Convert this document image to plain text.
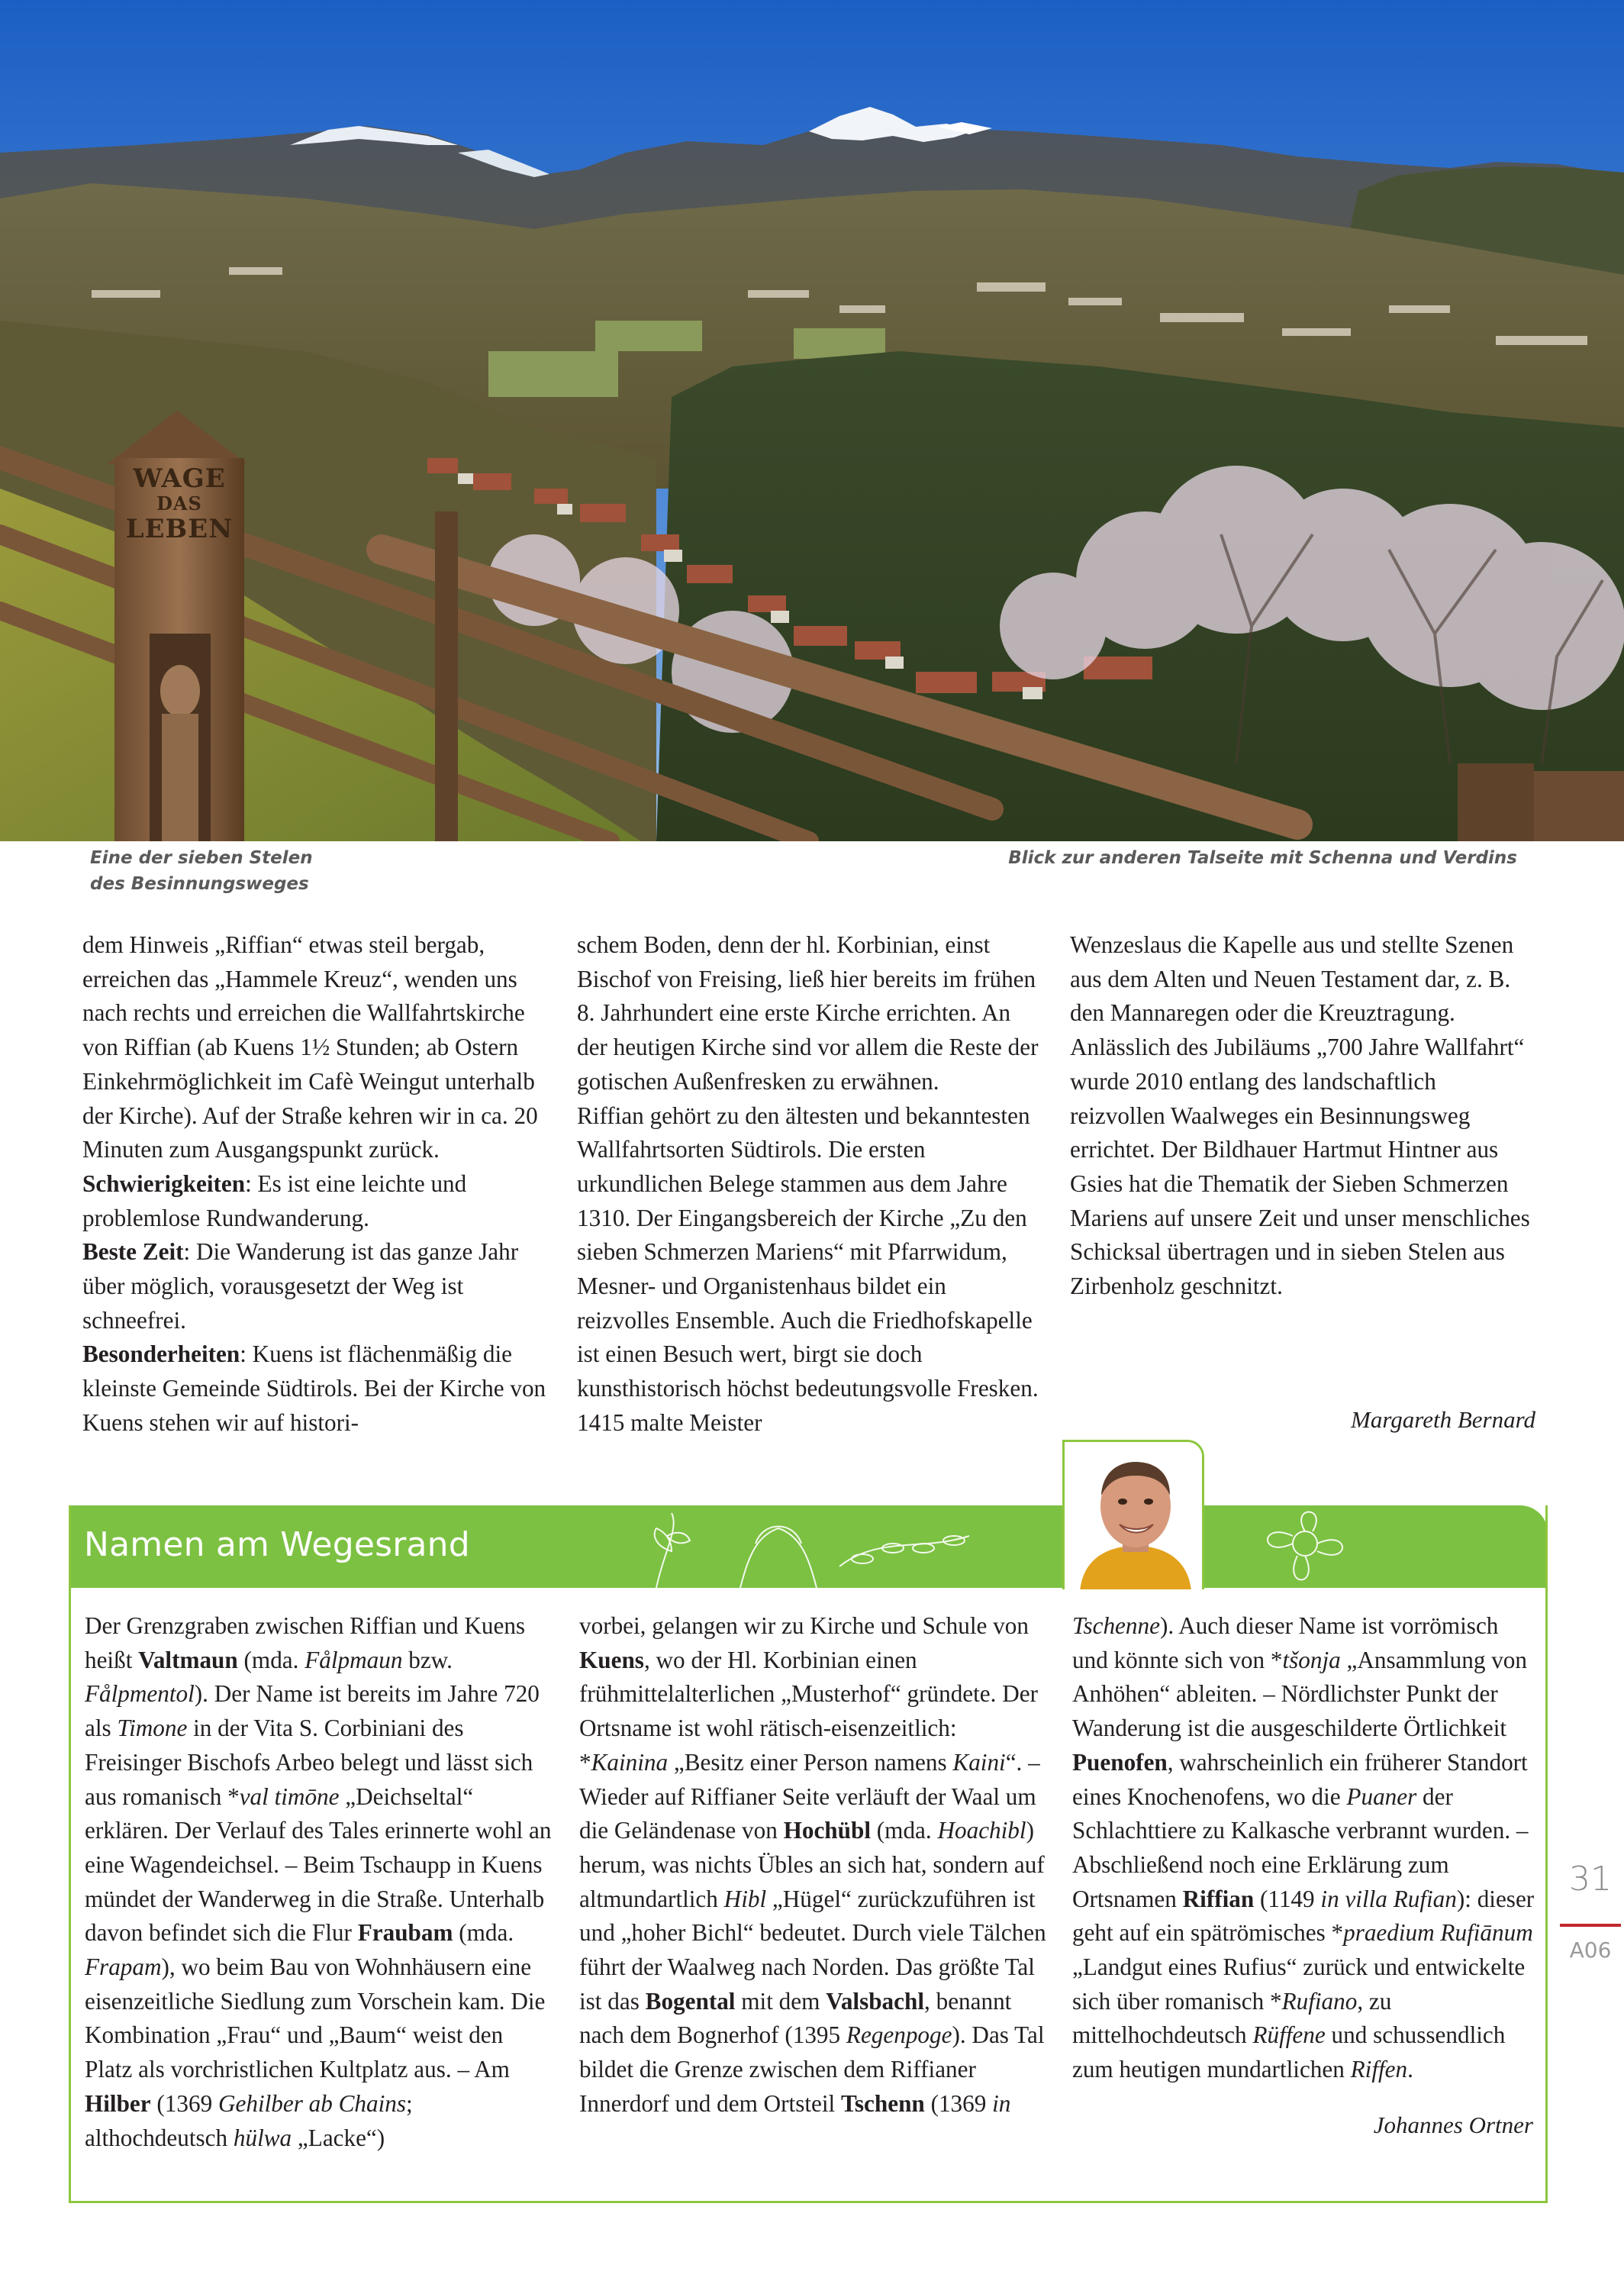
WAGE
DAS
LEBEN
Eine der sieben Stelen
des Besinnungsweges
Blick zur anderen Talseite mit Schenna und Verdins

dem Hinweis „Riffian“ etwas steil bergab, erreichen das „Hammele Kreuz“, wenden uns nach rechts und erreichen die Wallfahrtskirche von Riffian (ab Kuens 1½ Stunden; ab Ostern Einkehrmöglichkeit im Cafè Weingut unterhalb der Kirche). Auf der Straße kehren wir in ca. 20 Minuten zum Ausgangspunkt zurück.

Schwierigkeiten: Es ist eine leichte und problemlose Rundwanderung.

Beste Zeit: Die Wanderung ist das ganze Jahr über möglich, vorausgesetzt der Weg ist schneefrei.

Besonderheiten: Kuens ist flächenmäßig die kleinste Gemeinde Südtirols. Bei der Kirche von Kuens stehen wir auf histori-

schem Boden, denn der hl. Korbinian, einst Bischof von Freising, ließ hier bereits im frühen 8. Jahrhundert eine erste Kirche errichten. An der heutigen Kirche sind vor allem die Reste der gotischen Außenfresken zu erwähnen.

Riffian gehört zu den ältesten und bekanntesten Wallfahrtsorten Südtirols. Die ersten urkundlichen Belege stammen aus dem Jahre 1310. Der Eingangsbereich der Kirche „Zu den sieben Schmerzen Mariens“ mit Pfarrwidum, Mesner- und Organistenhaus bildet ein reizvolles Ensemble. Auch die Friedhofskapelle ist einen Besuch wert, birgt sie doch kunsthistorisch höchst bedeutungsvolle Fresken. 1415 malte Meister

Wenzeslaus die Kapelle aus und stellte Szenen aus dem Alten und Neuen Testament dar, z. B. den Mannaregen oder die Kreuztragung.

Anlässlich des Jubiläums „700 Jahre Wallfahrt“ wurde 2010 entlang des landschaftlich reizvollen Waalweges ein Besinnungsweg errichtet. Der Bildhauer Hartmut Hintner aus Gsies hat die Thematik der Sieben Schmerzen Mariens auf unsere Zeit und unser menschliches Schicksal übertragen und in sieben Stelen aus Zirbenholz geschnitzt.

Margareth Bernard
Namen am Wegesrand
Der Grenzgraben zwischen Riffian und Kuens heißt Valtmaun (mda. Fålpmaun bzw. Fålpmentol). Der Name ist bereits im Jahre 720 als Timone in der Vita S. Corbiniani des Freisinger Bischofs Arbeo belegt und lässt sich aus romanisch *val timōne „Deichseltal“ erklären. Der Verlauf des Tales erinnerte wohl an eine Wagendeichsel. – Beim Tschaupp in Kuens mündet der Wanderweg in die Straße. Unterhalb davon befindet sich die Flur Fraubam (mda. Frapam), wo beim Bau von Wohnhäusern eine eisenzeitliche Siedlung zum Vorschein kam. Die Kombination „Frau“ und „Baum“ weist den Platz als vorchristlichen Kultplatz aus. – Am Hilber (1369 Gehilber ab Chains; althochdeutsch hülwa „Lacke“)
vorbei, gelangen wir zu Kirche und Schule von Kuens, wo der Hl. Korbinian einen frühmittelalterlichen „Musterhof“ gründete. Der Ortsname ist wohl rätisch-eisenzeitlich: *Kainina „Besitz einer Person namens Kaini“. – Wieder auf Riffianer Seite verläuft der Waal um die Geländenase von Hochübl (mda. Hoachibl) herum, was nichts Übles an sich hat, sondern auf altmundartlich Hibl „Hügel“ zurückzuführen ist und „hoher Bichl“ bedeutet. Durch viele Tälchen führt der Waalweg nach Norden. Das größte Tal ist das Bogental mit dem Valsbachl, benannt nach dem Bognerhof (1395 Regenpoge). Das Tal bildet die Grenze zwischen dem Riffianer Innerdorf und dem Ortsteil Tschenn (1369 in
Tschenne). Auch dieser Name ist vorrömisch und könnte sich von *tšonja „Ansammlung von Anhöhen“ ableiten. – Nördlichster Punkt der Wanderung ist die ausgeschilderte Örtlichkeit Puenofen, wahrscheinlich ein früherer Standort eines Knochenofens, wo die Puaner der Schlachttiere zu Kalkasche verbrannt wurden. – Abschließend noch eine Erklärung zum Ortsnamen Riffian (1149 in villa Rufian): dieser geht auf ein spätrömisches *praedium Rufiānum „Landgut eines Rufius“ zurück und entwickelte sich über romanisch *Rufiano, zu mittelhochdeutsch Rüffene und schussendlich zum heutigen mundartlichen Riffen.
Johannes Ortner
31
A06
